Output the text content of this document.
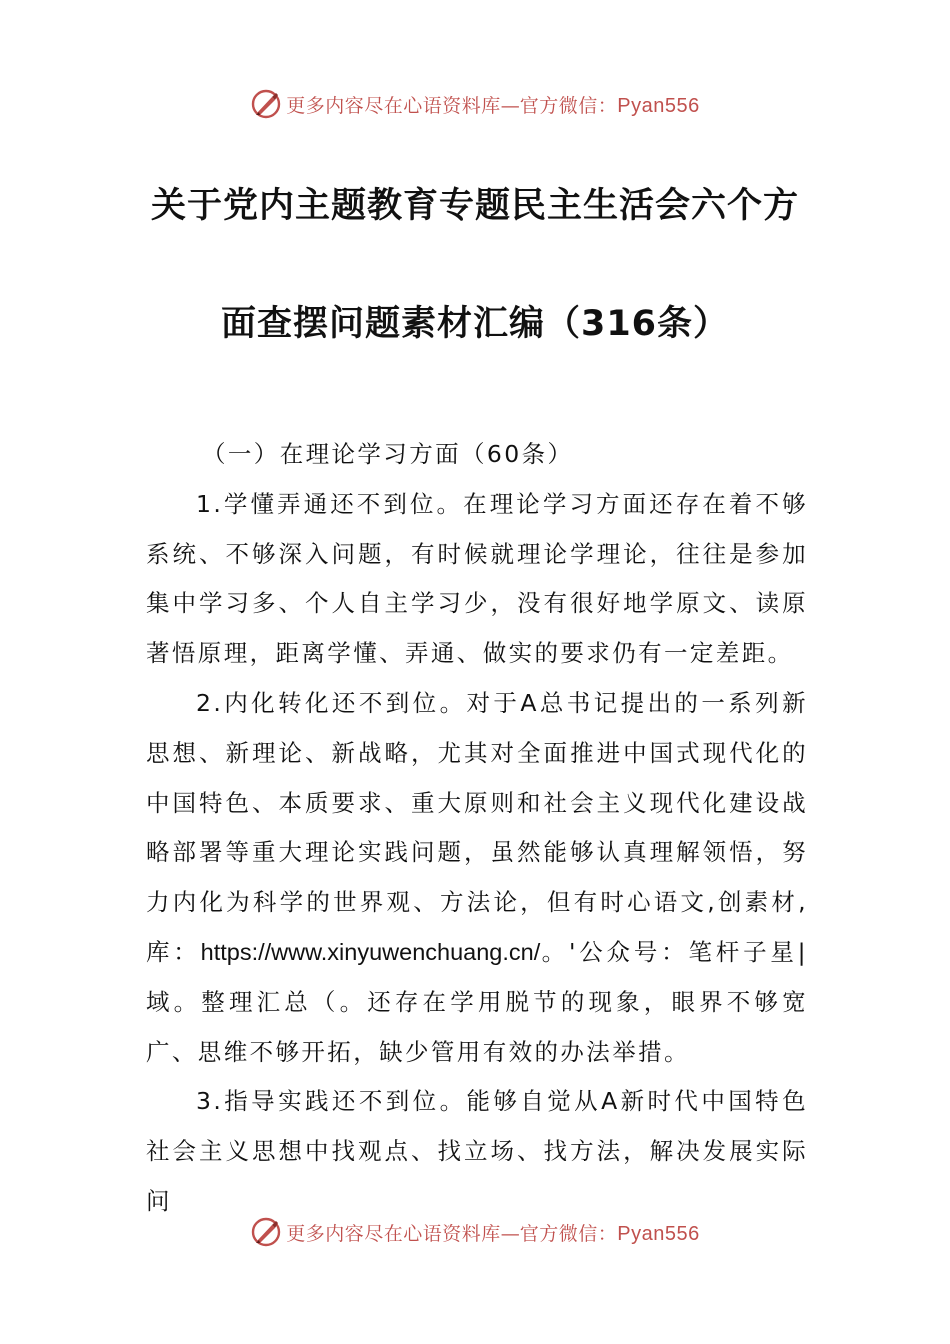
更多内容尽在心语资料库—官方微信：Pyan556
关于党内主题教育专题民主生活会六个方
面查摆问题素材汇编（316条）

（一）在理论学习方面（60条）

1.学懂弄通还不到位。在理论学习方面还存在着不够系统、不够深入问题，有时候就理论学理论，往往是参加集中学习多、个人自主学习少，没有很好地学原文、读原著悟原理，距离学懂、弄通、做实的要求仍有一定差距。

2.内化转化还不到位。对于A总书记提出的一系列新思想、新理论、新战略，尤其对全面推进中国式现代化的中国特色、本质要求、重大原则和社会主义现代化建设战略部署等重大理论实践问题，虽然能够认真理解领悟，努力内化为科学的世界观、方法论，但有时心语文,创素材,库：https://www.xinyuwenchuang.cn/。'公众号：笔杆子星|域。整理汇总（。还存在学用脱节的现象，眼界不够宽广、思维不够开拓，缺少管用有效的办法举措。

3.指导实践还不到位。能够自觉从A新时代中国特色社会主义思想中找观点、找立场、找方法，解决发展实际问

更多内容尽在心语资料库—官方微信：Pyan556
